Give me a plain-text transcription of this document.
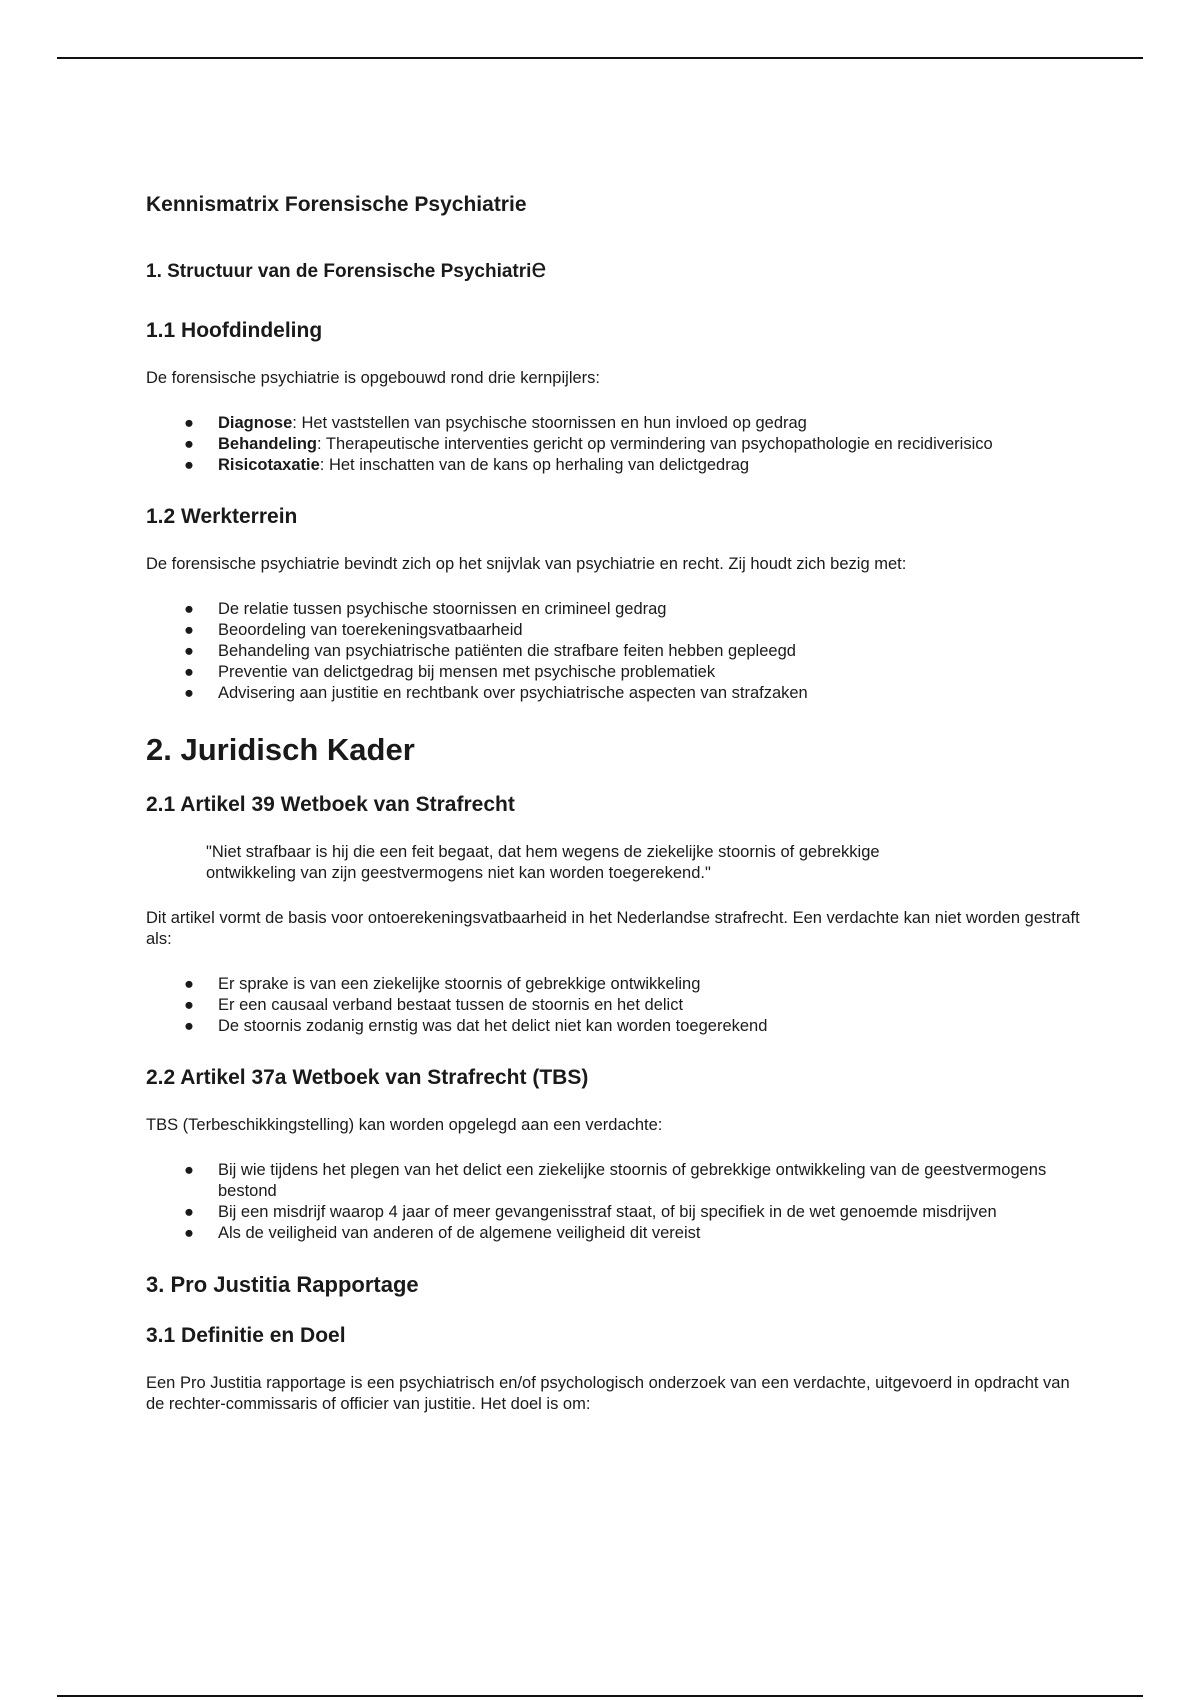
Kennismatrix Forensische Psychiatrie
1. Structuur van de Forensische Psychiatrie
1.1 Hoofdindeling

De forensische psychiatrie is opgebouwd rond drie kernpijlers:

● Diagnose: Het vaststellen van psychische stoornissen en hun invloed op gedrag
● Behandeling: Therapeutische interventies gericht op vermindering van psychopathologie en recidiverisico
● Risicotaxatie: Het inschatten van de kans op herhaling van delictgedrag
1.2 Werkterrein

De forensische psychiatrie bevindt zich op het snijvlak van psychiatrie en recht. Zij houdt zich bezig met:

● De relatie tussen psychische stoornissen en crimineel gedrag
● Beoordeling van toerekeningsvatbaarheid
● Behandeling van psychiatrische patiënten die strafbare feiten hebben gepleegd
● Preventie van delictgedrag bij mensen met psychische problematiek
● Advisering aan justitie en rechtbank over psychiatrische aspecten van strafzaken
2. Juridisch Kader
2.1 Artikel 39 Wetboek van Strafrecht
"Niet strafbaar is hij die een feit begaat, dat hem wegens de ziekelijke stoornis of gebrekkige ontwikkeling van zijn geestvermogens niet kan worden toegerekend."

Dit artikel vormt de basis voor ontoerekeningsvatbaarheid in het Nederlandse strafrecht. Een verdachte kan niet worden gestraft als:

● Er sprake is van een ziekelijke stoornis of gebrekkige ontwikkeling
● Er een causaal verband bestaat tussen de stoornis en het delict
● De stoornis zodanig ernstig was dat het delict niet kan worden toegerekend
2.2 Artikel 37a Wetboek van Strafrecht (TBS)

TBS (Terbeschikkingstelling) kan worden opgelegd aan een verdachte:

● Bij wie tijdens het plegen van het delict een ziekelijke stoornis of gebrekkige ontwikkeling van de geestvermogens bestond
● Bij een misdrijf waarop 4 jaar of meer gevangenisstraf staat, of bij specifiek in de wet genoemde misdrijven
● Als de veiligheid van anderen of de algemene veiligheid dit vereist
3. Pro Justitia Rapportage
3.1 Definitie en Doel

Een Pro Justitia rapportage is een psychiatrisch en/of psychologisch onderzoek van een verdachte, uitgevoerd in opdracht van de rechter-commissaris of officier van justitie. Het doel is om:
